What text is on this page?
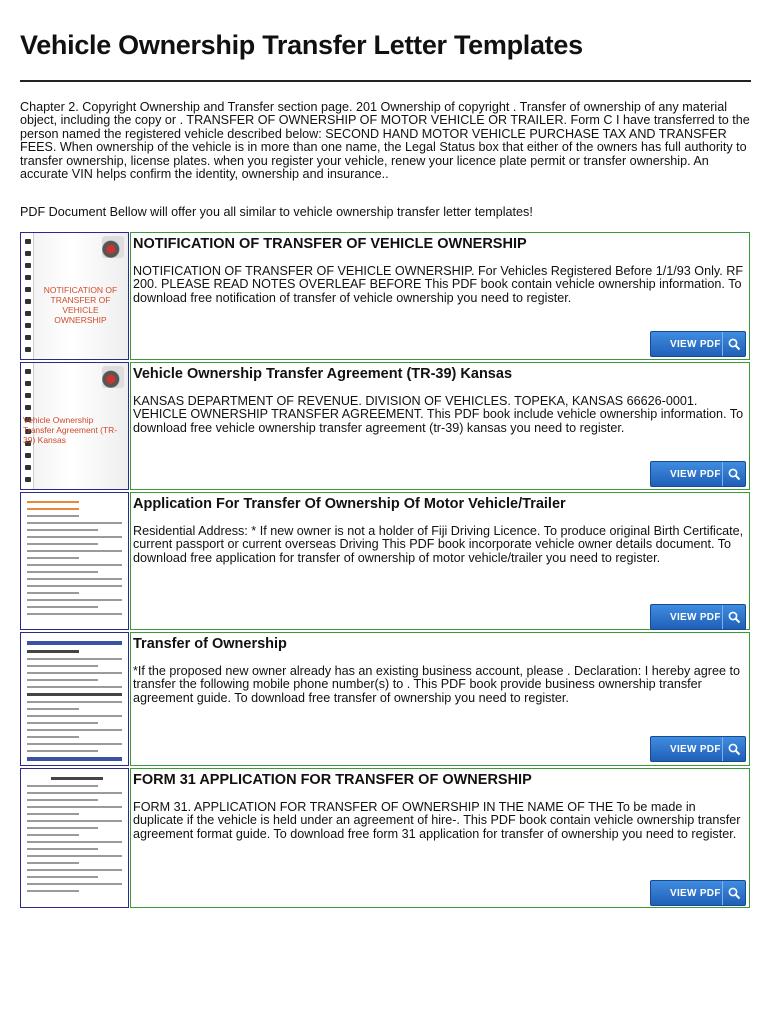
Vehicle Ownership Transfer Letter Templates

Chapter 2. Copyright Ownership and Transfer section page. 201 Ownership of copyright . Transfer of ownership of any material object, including the copy or . TRANSFER OF OWNERSHIP OF MOTOR VEHICLE OR TRAILER. Form C I have transferred to the person named the registered vehicle described below: SECOND HAND MOTOR VEHICLE PURCHASE TAX AND TRANSFER FEES. When ownership of the vehicle is in more than one name, the Legal Status box that either of the owners has full authority to transfer ownership, license plates. when you register your vehicle, renew your licence plate permit or transfer ownership. An accurate VIN helps confirm the identity, ownership and insurance..

PDF Document Bellow will offer you all similar to vehicle ownership transfer letter templates!

NOTIFICATION OF TRANSFER OF VEHICLE OWNERSHIP
NOTIFICATION OF TRANSFER OF VEHICLE OWNERSHIP
NOTIFICATION OF TRANSFER OF VEHICLE OWNERSHIP. For Vehicles Registered Before 1/1/93 Only. RF 200. PLEASE READ NOTES OVERLEAF BEFORE This PDF book contain vehicle ownership information. To download free notification of transfer of vehicle ownership you need to register.
VIEW PDF
Vehicle Ownership Transfer Agreement (TR-39) Kansas
Vehicle Ownership Transfer Agreement (TR-39) Kansas
KANSAS DEPARTMENT OF REVENUE. DIVISION OF VEHICLES. TOPEKA, KANSAS 66626-0001. VEHICLE OWNERSHIP TRANSFER AGREEMENT. This PDF book include vehicle ownership information. To download free vehicle ownership transfer agreement (tr-39) kansas you need to register.
VIEW PDF
Application For Transfer Of Ownership Of Motor Vehicle/Trailer
Residential Address: * If new owner is not a holder of Fiji Driving Licence. To produce original Birth Certificate, current passport or current overseas Driving This PDF book incorporate vehicle owner details document. To download free application for transfer of ownership of motor vehicle/trailer you need to register.
VIEW PDF
Transfer of Ownership
*If the proposed new owner already has an existing business account, please . Declaration: I hereby agree to transfer the following mobile phone number(s) to . This PDF book provide business ownership transfer agreement guide. To download free transfer of ownership you need to register.
VIEW PDF
FORM 31 APPLICATION FOR TRANSFER OF OWNERSHIP
FORM 31. APPLICATION FOR TRANSFER OF OWNERSHIP IN THE NAME OF THE To be made in duplicate if the vehicle is held under an agreement of hire-. This PDF book contain vehicle ownership transfer agreement format guide. To download free form 31 application for transfer of ownership you need to register.
VIEW PDF
